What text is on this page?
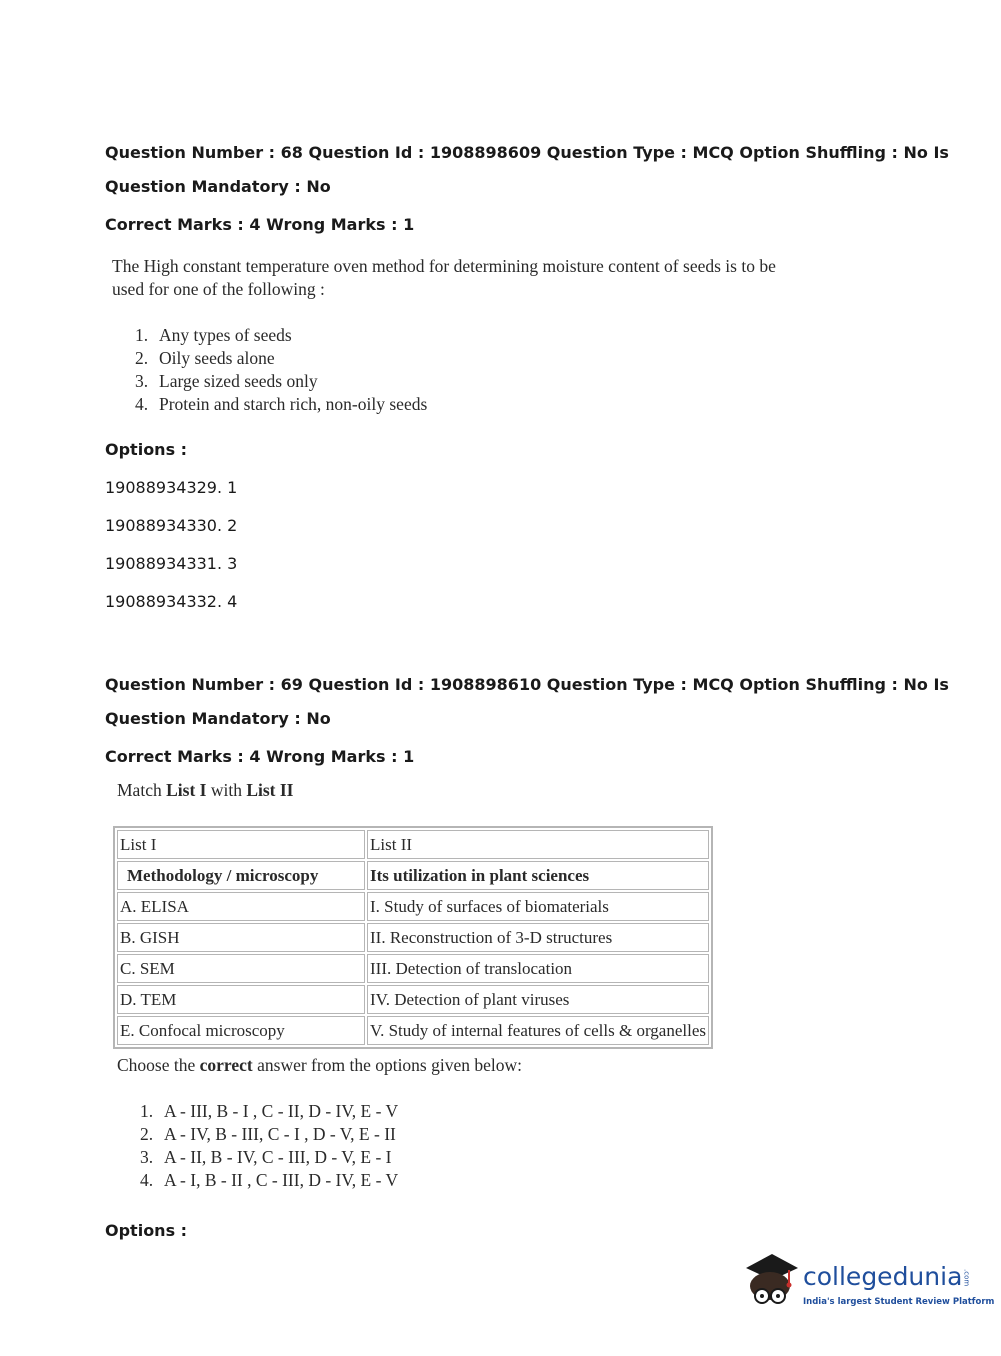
Question Number : 68 Question Id : 1908898609 Question Type : MCQ Option Shuffling : No Is
Question Mandatory : No
Correct Marks : 4 Wrong Marks : 1
The High constant temperature oven method for determining moisture content of seeds is to be
used for one of the following :
1. Any types of seeds
2. Oily seeds alone
3. Large sized seeds only
4. Protein and starch rich, non-oily seeds
Options :
19088934329. 1
19088934330. 2
19088934331. 3
19088934332. 4
Question Number : 69 Question Id : 1908898610 Question Type : MCQ Option Shuffling : No Is
Question Mandatory : No
Correct Marks : 4 Wrong Marks : 1
Match List I with List II
List I	List II
Methodology / microscopy	Its utilization in plant sciences
A. ELISA	I. Study of surfaces of biomaterials
B. GISH	II. Reconstruction of 3-D structures
C. SEM	III. Detection of translocation
D. TEM	IV. Detection of plant viruses
E. Confocal microscopy	V. Study of internal features of cells & organelles
Choose the correct answer from the options given below:
1. A - III, B - I , C - II, D - IV, E - V
2. A - IV, B - III, C - I , D - V, E - II
3. A - II, B - IV, C - III, D - V, E - I
4. A - I, B - II , C - III, D - IV, E - V
Options :
collegedunia.com
India's largest Student Review Platform
